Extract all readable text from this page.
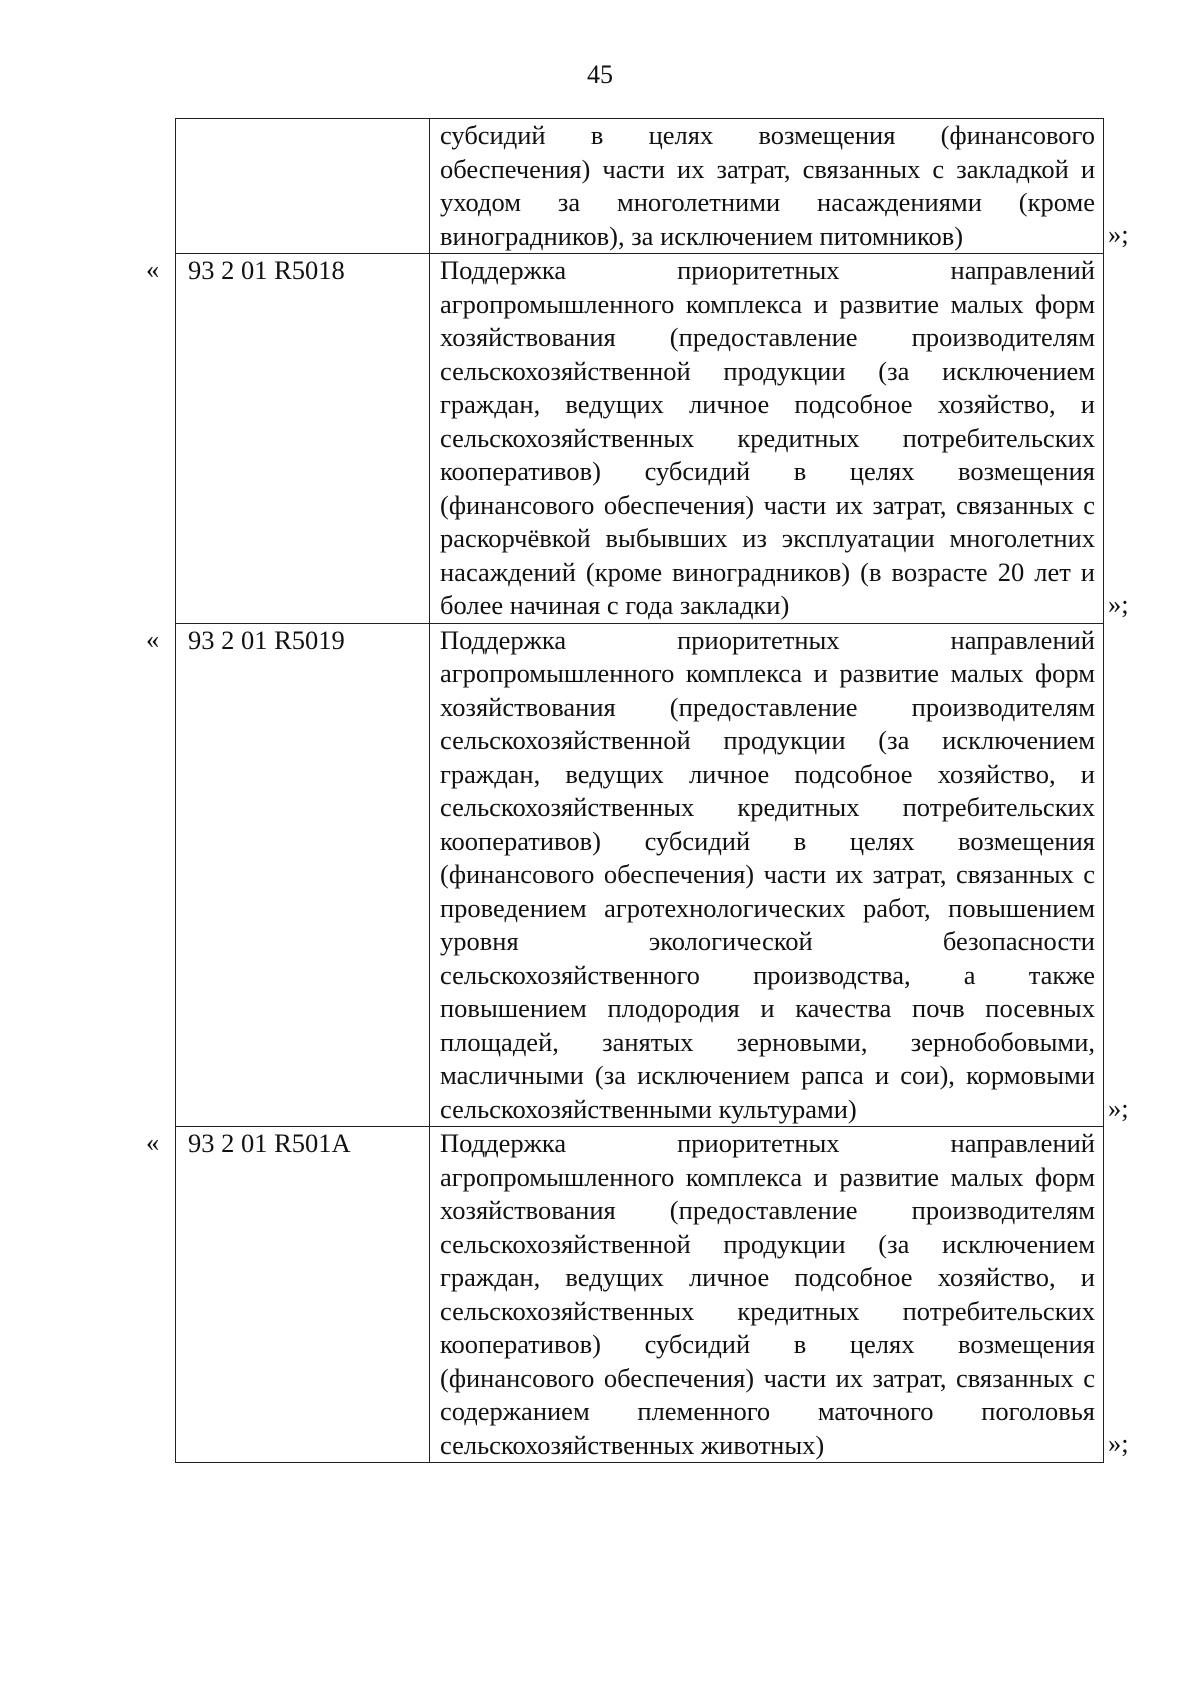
45

	субсидий в целях возмещения (финансового обеспечения) части их затрат, связанных с закладкой и уходом за многолетними насаждениями (кроме виноградников), за исключением питомников)

93 2 01 R5018	Поддержка приоритетных направлений агропромышленного комплекса и развитие малых форм хозяйствования (предоставление производителям сельскохозяйственной продукции (за исключением граждан, ведущих личное подсобное хозяйство, и сельскохозяйственных кредитных потребительских кооперативов) субсидий в целях возмещения (финансового обеспечения) части их затрат, связанных с раскорчёвкой выбывших из эксплуатации многолетних насаждений (кроме виноградников) (в возрасте 20 лет и более начиная с года закладки)

93 2 01 R5019	Поддержка приоритетных направлений агропромышленного комплекса и развитие малых форм хозяйствования (предоставление производителям сельскохозяйственной продукции (за исключением граждан, ведущих личное подсобное хозяйство, и сельскохозяйственных кредитных потребительских кооперативов) субсидий в целях возмещения (финансового обеспечения) части их затрат, связанных с проведением агротехнологических работ, повышением уровня экологической безопасности сельскохозяйственного производства, а также повышением плодородия и качества почв посевных площадей, занятых зерновыми, зернобобовыми, масличными (за исключением рапса и сои), кормовыми сельскохозяйственными культурами)

93 2 01 R501A	Поддержка приоритетных направлений агропромышленного комплекса и развитие малых форм хозяйствования (предоставление производителям сельскохозяйственной продукции (за исключением граждан, ведущих личное подсобное хозяйство, и сельскохозяйственных кредитных потребительских кооперативов) субсидий в целях возмещения (финансового обеспечения) части их затрат, связанных с содержанием племенного маточного поголовья сельскохозяйственных животных)
«
«
«
»;
»;
»;
»;
